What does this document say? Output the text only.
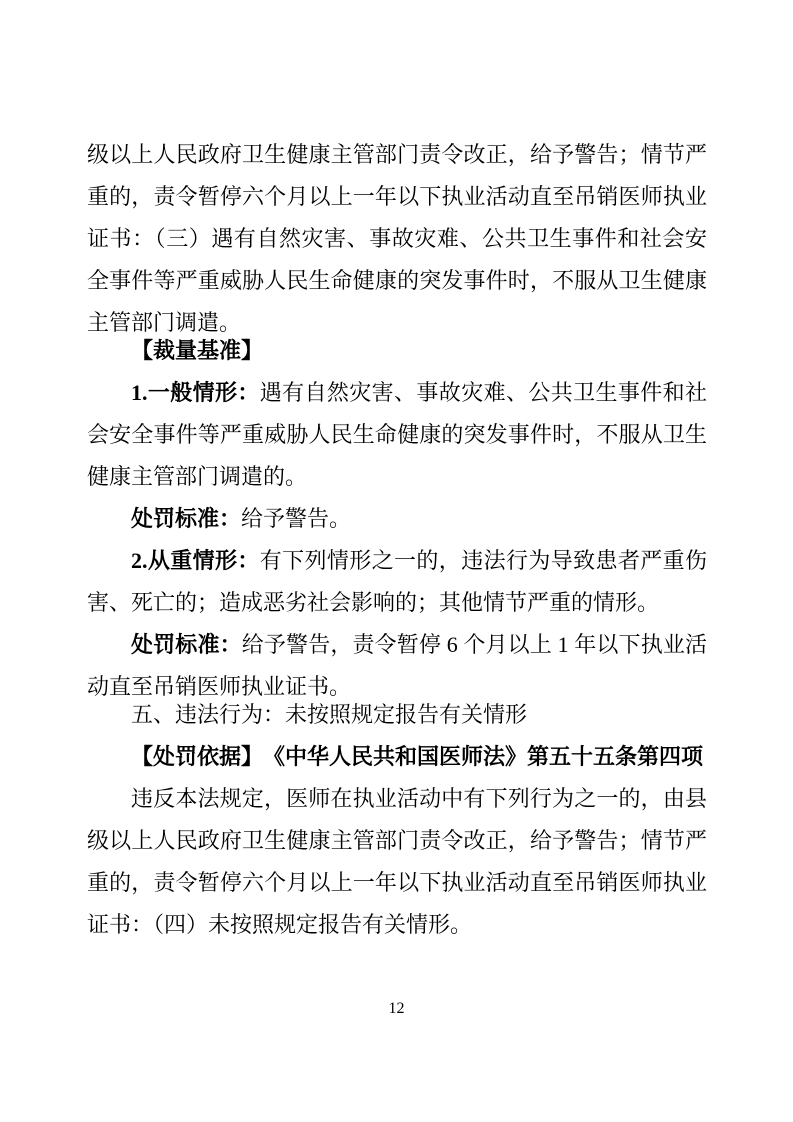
级以上人民政府卫生健康主管部门责令改正，给予警告；情节严重的，责令暂停六个月以上一年以下执业活动直至吊销医师执业证书：（三）遇有自然灾害、事故灾难、公共卫生事件和社会安全事件等严重威胁人民生命健康的突发事件时，不服从卫生健康主管部门调遣。

【裁量基准】

1.一般情形：遇有自然灾害、事故灾难、公共卫生事件和社会安全事件等严重威胁人民生命健康的突发事件时，不服从卫生健康主管部门调遣的。

处罚标准：给予警告。

2.从重情形：有下列情形之一的，违法行为导致患者严重伤害、死亡的；造成恶劣社会影响的；其他情节严重的情形。

处罚标准：给予警告，责令暂停 6 个月以上 1 年以下执业活动直至吊销医师执业证书。

五、违法行为：未按照规定报告有关情形

【处罚依据】　《中华人民共和国医师法》第五十五条第四项

违反本法规定，医师在执业活动中有下列行为之一的，由县级以上人民政府卫生健康主管部门责令改正，给予警告；情节严重的，责令暂停六个月以上一年以下执业活动直至吊销医师执业证书：（四）未按照规定报告有关情形。

12
